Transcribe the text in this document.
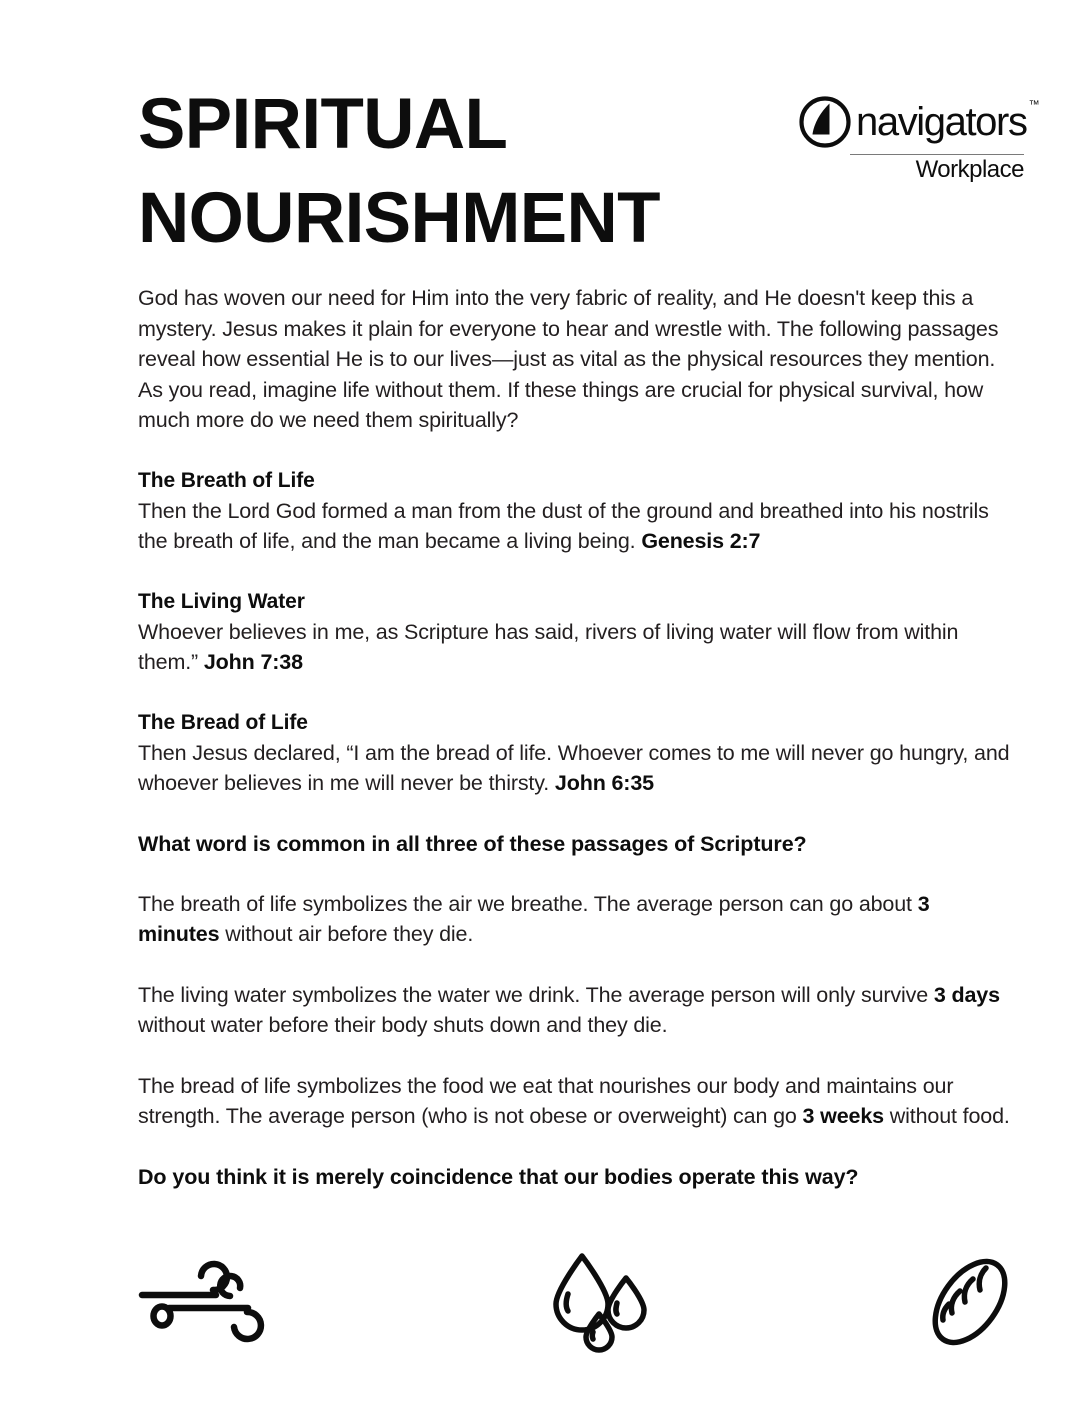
SPIRITUAL
NOURISHMENT
navigators ™
Workplace

God has woven our need for Him into the very fabric of reality, and He doesn't keep this a mystery. Jesus makes it plain for everyone to hear and wrestle with. The following passages reveal how essential He is to our lives—just as vital as the physical resources they mention. As you read, imagine life without them. If these things are crucial for physical survival, how much more do we need them spiritually?

The Breath of Life

Then the Lord God formed a man from the dust of the ground and breathed into his nostrils the breath of life, and the man became a living being. Genesis 2:7

The Living Water

Whoever believes in me, as Scripture has said, rivers of living water will flow from within them.” John 7:38

The Bread of Life

Then Jesus declared, “I am the bread of life. Whoever comes to me will never go hungry, and whoever believes in me will never be thirsty. John 6:35

What word is common in all three of these passages of Scripture?

The breath of life symbolizes the air we breathe. The average person can go about 3 minutes without air before they die.

The living water symbolizes the water we drink. The average person will only survive 3 days without water before their body shuts down and they die.

The bread of life symbolizes the food we eat that nourishes our body and maintains our strength. The average person (who is not obese or overweight) can go 3 weeks without food.

Do you think it is merely coincidence that our bodies operate this way?
